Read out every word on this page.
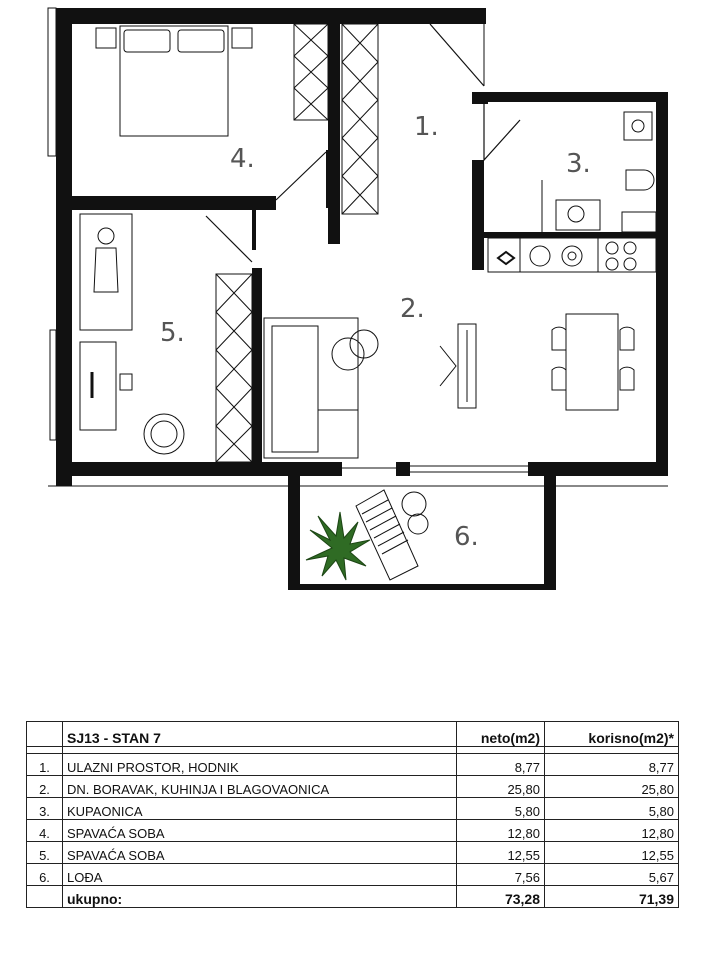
1.
2.
3.
4.
5.
6.
	SJ13 - STAN 7	neto(m2)	korisno(m2)*

1.	ULAZNI PROSTOR, HODNIK	8,77	8,77
2.	DN. BORAVAK, KUHINJA I BLAGOVAONICA	25,80	25,80
3.	KUPAONICA	5,80	5,80
4.	SPAVAĆA SOBA	12,80	12,80
5.	SPAVAĆA SOBA	12,55	12,55
6.	LOĐA	7,56	5,67
	ukupno:	73,28	71,39
